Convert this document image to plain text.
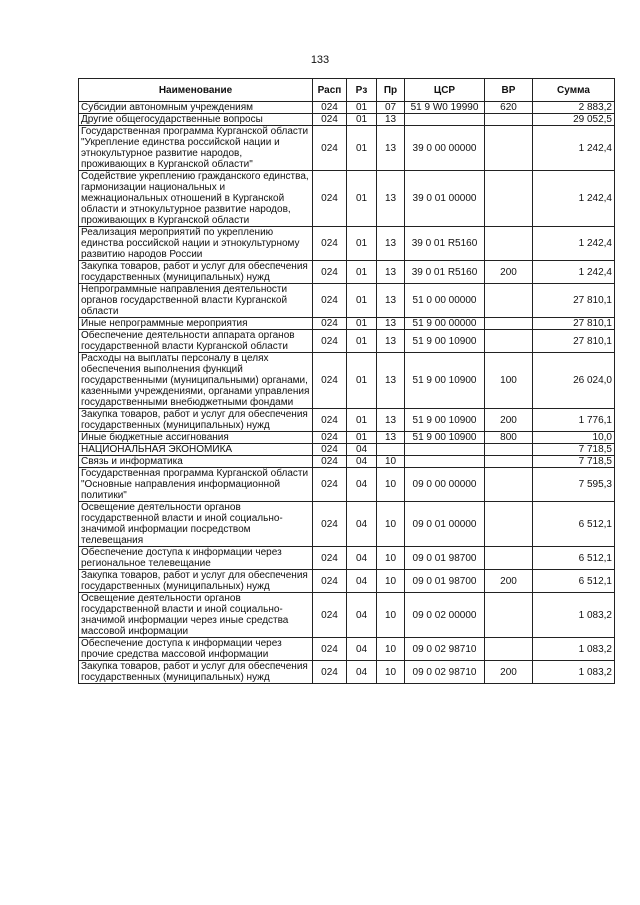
133
Наименование	Расп	Рз	Пр	ЦСР	ВР	Сумма
Субсидии автономным учреждениям	024	01	07	51 9 W0 19990	620	2 883,2
Другие общегосударственные вопросы	024	01	13			29 052,5
Государственная программа Курганской области "Укрепление единства российской нации и этнокультурное развитие народов, проживающих в Курганской области"	024	01	13	39 0 00 00000		1 242,4
Содействие укреплению гражданского единства, гармонизации национальных и межнациональных отношений в Курганской области и этнокультурное развитие народов, проживающих в Курганской области	024	01	13	39 0 01 00000		1 242,4
Реализация мероприятий по укреплению единства российской нации и этнокультурному развитию народов России	024	01	13	39 0 01 R5160		1 242,4
Закупка товаров, работ и услуг для обеспечения государственных (муниципальных) нужд	024	01	13	39 0 01 R5160	200	1 242,4
Непрограммные направления деятельности органов государственной власти Курганской области	024	01	13	51 0 00 00000		27 810,1
Иные непрограммные мероприятия	024	01	13	51 9 00 00000		27 810,1
Обеспечение деятельности аппарата органов государственной власти Курганской области	024	01	13	51 9 00 10900		27 810,1
Расходы на выплаты персоналу в целях обеспечения выполнения функций государственными (муниципальными) органами, казенными учреждениями, органами управления государственными внебюджетными фондами	024	01	13	51 9 00 10900	100	26 024,0
Закупка товаров, работ и услуг для обеспечения государственных (муниципальных) нужд	024	01	13	51 9 00 10900	200	1 776,1
Иные бюджетные ассигнования	024	01	13	51 9 00 10900	800	10,0
НАЦИОНАЛЬНАЯ ЭКОНОМИКА	024	04				7 718,5
Связь и информатика	024	04	10			7 718,5
Государственная программа Курганской области "Основные направления информационной политики"	024	04	10	09 0 00 00000		7 595,3
Освещение деятельности органов государственной власти и иной социально-значимой информации посредством телевещания	024	04	10	09 0 01 00000		6 512,1
Обеспечение доступа к информации через региональное телевещание	024	04	10	09 0 01 98700		6 512,1
Закупка товаров, работ и услуг для обеспечения государственных (муниципальных) нужд	024	04	10	09 0 01 98700	200	6 512,1
Освещение деятельности органов государственной власти и иной социально-значимой информации через иные средства массовой информации	024	04	10	09 0 02 00000		1 083,2
Обеспечение доступа к информации через прочие средства массовой информации	024	04	10	09 0 02 98710		1 083,2
Закупка товаров, работ и услуг для обеспечения государственных (муниципальных) нужд	024	04	10	09 0 02 98710	200	1 083,2
